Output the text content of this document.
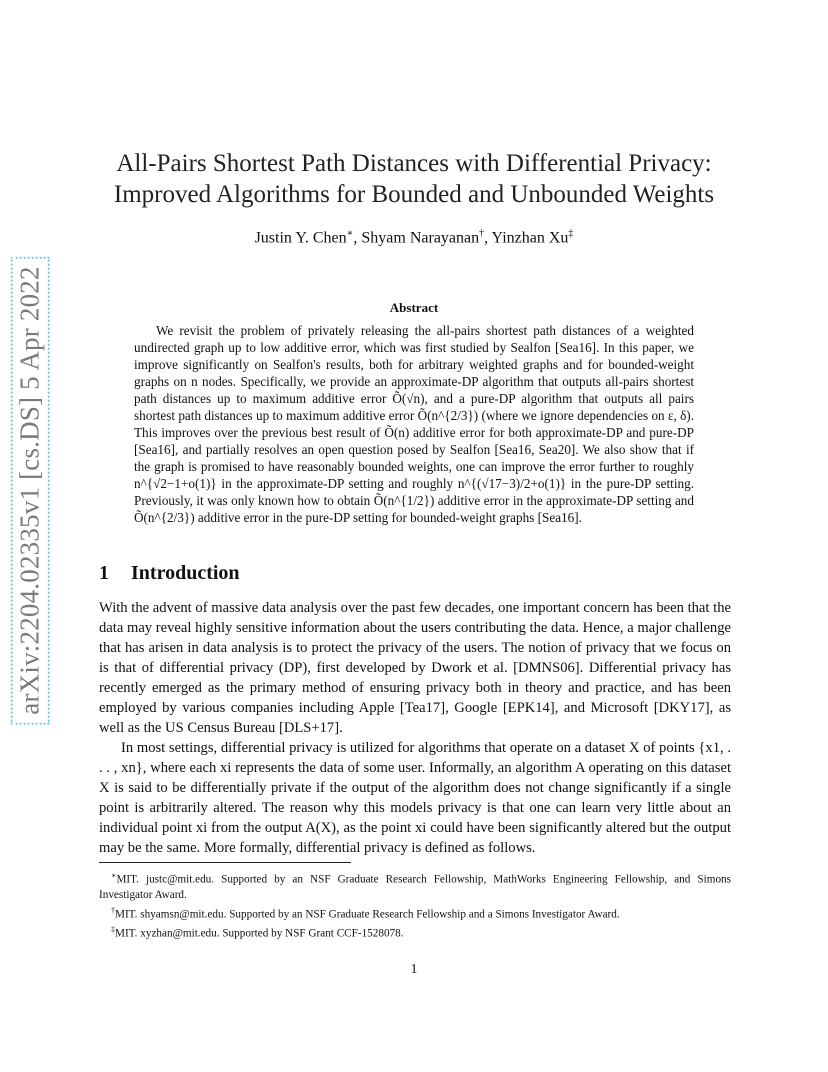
arXiv:2204.02335v1 [cs.DS] 5 Apr 2022
All-Pairs Shortest Path Distances with Differential Privacy:
Improved Algorithms for Bounded and Unbounded Weights
Justin Y. Chen∗, Shyam Narayanan†, Yinzhan Xu‡
Abstract

We revisit the problem of privately releasing the all-pairs shortest path distances of a weighted undirected graph up to low additive error, which was first studied by Sealfon [Sea16]. In this paper, we improve significantly on Sealfon's results, both for arbitrary weighted graphs and for bounded-weight graphs on n nodes. Specifically, we provide an approximate-DP algorithm that outputs all-pairs shortest path distances up to maximum additive error Õ(√n), and a pure-DP algorithm that outputs all pairs shortest path distances up to maximum additive error Õ(n^{2/3}) (where we ignore dependencies on ε, δ). This improves over the previous best result of Õ(n) additive error for both approximate-DP and pure-DP [Sea16], and partially resolves an open question posed by Sealfon [Sea16, Sea20]. We also show that if the graph is promised to have reasonably bounded weights, one can improve the error further to roughly n^{√2−1+o(1)} in the approximate-DP setting and roughly n^{(√17−3)/2+o(1)} in the pure-DP setting. Previously, it was only known how to obtain Õ(n^{1/2}) additive error in the approximate-DP setting and Õ(n^{2/3}) additive error in the pure-DP setting for bounded-weight graphs [Sea16].

1 Introduction

With the advent of massive data analysis over the past few decades, one important concern has been that the data may reveal highly sensitive information about the users contributing the data. Hence, a major challenge that has arisen in data analysis is to protect the privacy of the users. The notion of privacy that we focus on is that of differential privacy (DP), first developed by Dwork et al. [DMNS06]. Differential privacy has recently emerged as the primary method of ensuring privacy both in theory and practice, and has been employed by various companies including Apple [Tea17], Google [EPK14], and Microsoft [DKY17], as well as the US Census Bureau [DLS+17].

In most settings, differential privacy is utilized for algorithms that operate on a dataset X of points {x1, . . . , xn}, where each xi represents the data of some user. Informally, an algorithm A operating on this dataset X is said to be differentially private if the output of the algorithm does not change significantly if a single point is arbitrarily altered. The reason why this models privacy is that one can learn very little about an individual point xi from the output A(X), as the point xi could have been significantly altered but the output may be the same. More formally, differential privacy is defined as follows.

∗MIT. justc@mit.edu. Supported by an NSF Graduate Research Fellowship, MathWorks Engineering Fellowship, and Simons Investigator Award.

†MIT. shyamsn@mit.edu. Supported by an NSF Graduate Research Fellowship and a Simons Investigator Award.

‡MIT. xyzhan@mit.edu. Supported by NSF Grant CCF-1528078.

1
